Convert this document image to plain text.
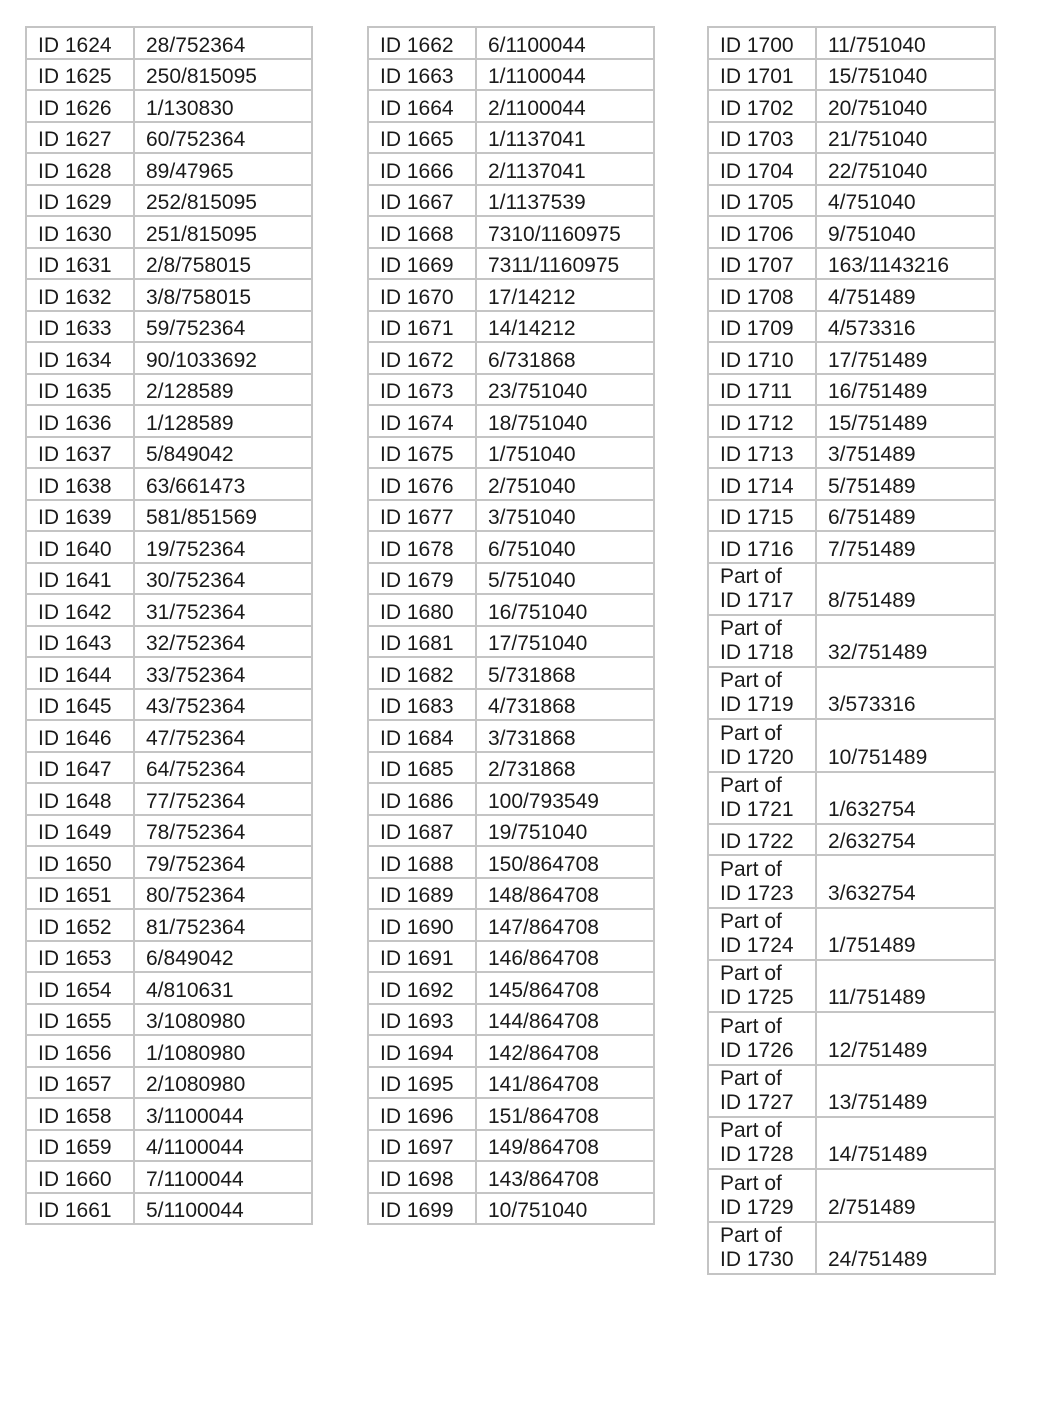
ID 1624	28/752364
ID 1625	250/815095
ID 1626	1/130830
ID 1627	60/752364
ID 1628	89/47965
ID 1629	252/815095
ID 1630	251/815095
ID 1631	2/8/758015
ID 1632	3/8/758015
ID 1633	59/752364
ID 1634	90/1033692
ID 1635	2/128589
ID 1636	1/128589
ID 1637	5/849042
ID 1638	63/661473
ID 1639	581/851569
ID 1640	19/752364
ID 1641	30/752364
ID 1642	31/752364
ID 1643	32/752364
ID 1644	33/752364
ID 1645	43/752364
ID 1646	47/752364
ID 1647	64/752364
ID 1648	77/752364
ID 1649	78/752364
ID 1650	79/752364
ID 1651	80/752364
ID 1652	81/752364
ID 1653	6/849042
ID 1654	4/810631
ID 1655	3/1080980
ID 1656	1/1080980
ID 1657	2/1080980
ID 1658	3/1100044
ID 1659	4/1100044
ID 1660	7/1100044
ID 1661	5/1100044
ID 1662	6/1100044
ID 1663	1/1100044
ID 1664	2/1100044
ID 1665	1/1137041
ID 1666	2/1137041
ID 1667	1/1137539
ID 1668	7310/1160975
ID 1669	7311/1160975
ID 1670	17/14212
ID 1671	14/14212
ID 1672	6/731868
ID 1673	23/751040
ID 1674	18/751040
ID 1675	1/751040
ID 1676	2/751040
ID 1677	3/751040
ID 1678	6/751040
ID 1679	5/751040
ID 1680	16/751040
ID 1681	17/751040
ID 1682	5/731868
ID 1683	4/731868
ID 1684	3/731868
ID 1685	2/731868
ID 1686	100/793549
ID 1687	19/751040
ID 1688	150/864708
ID 1689	148/864708
ID 1690	147/864708
ID 1691	146/864708
ID 1692	145/864708
ID 1693	144/864708
ID 1694	142/864708
ID 1695	141/864708
ID 1696	151/864708
ID 1697	149/864708
ID 1698	143/864708
ID 1699	10/751040
ID 1700	11/751040
ID 1701	15/751040
ID 1702	20/751040
ID 1703	21/751040
ID 1704	22/751040
ID 1705	4/751040
ID 1706	9/751040
ID 1707	163/1143216
ID 1708	4/751489
ID 1709	4/573316
ID 1710	17/751489
ID 1711	16/751489
ID 1712	15/751489
ID 1713	3/751489
ID 1714	5/751489
ID 1715	6/751489
ID 1716	7/751489
Part of
ID 1717	8/751489
Part of
ID 1718	32/751489
Part of
ID 1719	3/573316
Part of
ID 1720	10/751489
Part of
ID 1721	1/632754
ID 1722	2/632754
Part of
ID 1723	3/632754
Part of
ID 1724	1/751489
Part of
ID 1725	11/751489
Part of
ID 1726	12/751489
Part of
ID 1727	13/751489
Part of
ID 1728	14/751489
Part of
ID 1729	2/751489
Part of
ID 1730	24/751489
